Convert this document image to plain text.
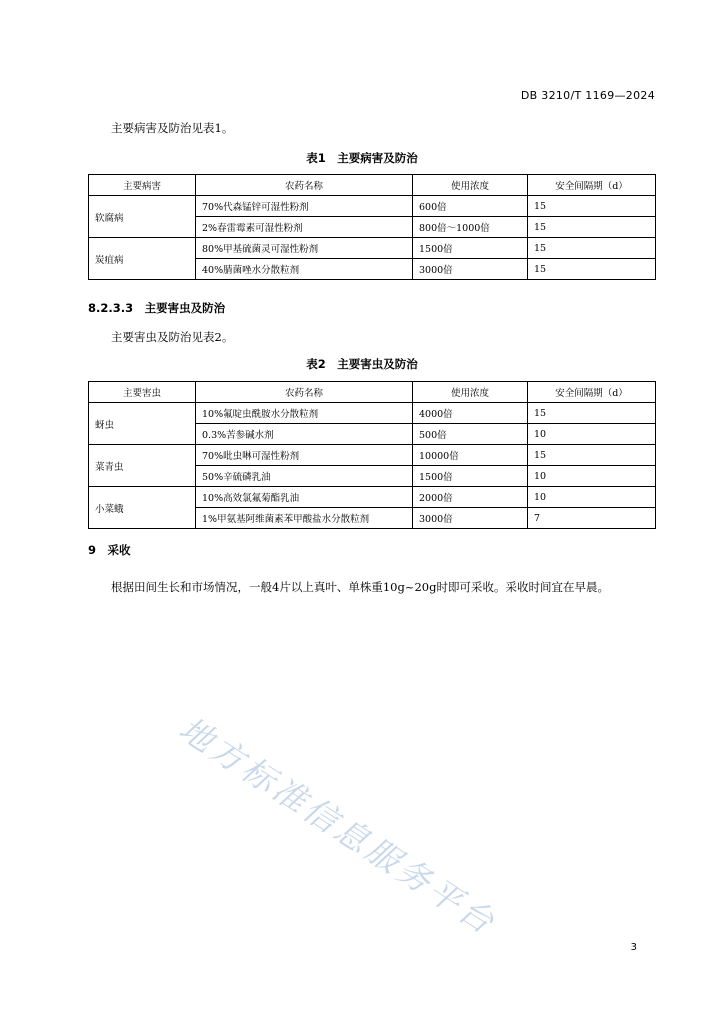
DB 3210/T 1169—2024
主要病害及防治见表1。
表1　主要病害及防治
主要病害	农药名称	使用浓度	安全间隔期（d）
软腐病	70%代森锰锌可湿性粉剂	600倍	15
	2%春雷霉素可湿性粉剂	800倍～1000倍	15
炭疽病	80%甲基硫菌灵可湿性粉剂	1500倍	15
	40%腈菌唑水分散粒剂	3000倍	15
8.2.3.3　主要害虫及防治
主要害虫及防治见表2。
表2　主要害虫及防治
主要害虫	农药名称	使用浓度	安全间隔期（d）
蚜虫	10%氟啶虫酰胺水分散粒剂	4000倍	15
	0.3%苦参碱水剂	500倍	10
菜青虫	70%吡虫啉可湿性粉剂	10000倍	15
	50%辛硫磷乳油	1500倍	10
小菜蛾	10%高效氯氟菊酯乳油	2000倍	10
	1%甲氨基阿维菌素苯甲酸盐水分散粒剂	3000倍	7
9　采收
根据田间生长和市场情况，一般4片以上真叶、单株重10g~20g时即可采收。采收时间宜在早晨。
地方标准信息服务平台
3
